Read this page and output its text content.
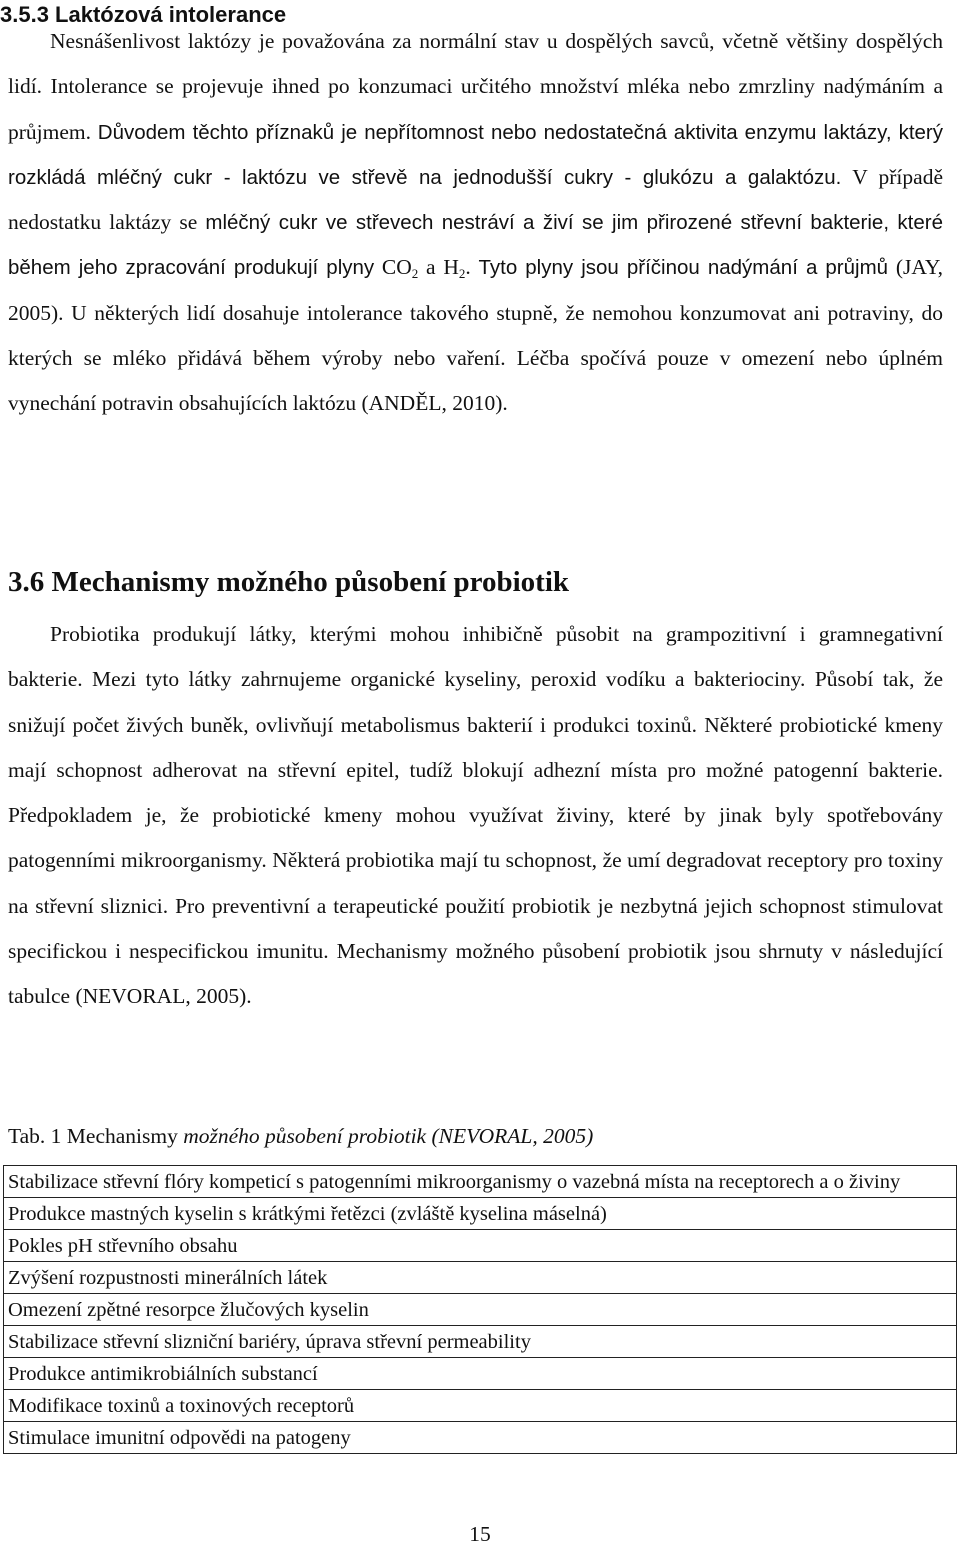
3.5.3 Laktózová intolerance

Nesnášenlivost laktózy je považována za normální stav u dospělých savců, včetně většiny dospělých lidí. Intolerance se projevuje ihned po konzumaci určitého množství mléka nebo zmrzliny nadýmáním a průjmem. Důvodem těchto příznaků je nepřítomnost nebo nedostatečná aktivita enzymu laktázy, který rozkládá mléčný cukr - laktózu ve střevě na jednodušší cukry - glukózu a galaktózu. V případě nedostatku laktázy se mléčný cukr ve střevech nestráví a živí se jim přirozené střevní bakterie, které během jeho zpracování produkují plyny $CO_2$ a $H_2$. Tyto plyny jsou příčinou nadýmání a průjmů (JAY, 2005). U některých lidí dosahuje intolerance takového stupně, že nemohou konzumovat ani potraviny, do kterých se mléko přidává během výroby nebo vaření. Léčba spočívá pouze v omezení nebo úplném vynechání potravin obsahujících laktózu (ANDĚL, 2010).

3.6 Mechanismy možného působení probiotik

Probiotika produkují látky, kterými mohou inhibičně působit na grampozitivní i gramnegativní bakterie. Mezi tyto látky zahrnujeme organické kyseliny, peroxid vodíku a bakteriociny. Působí tak, že snižují počet živých buněk, ovlivňují metabolismus bakterií i produkci toxinů. Některé probiotické kmeny mají schopnost adherovat na střevní epitel, tudíž blokují adhezní místa pro možné patogenní bakterie. Předpokladem je, že probiotické kmeny mohou využívat živiny, které by jinak byly spotřebovány patogenními mikroorganismy. Některá probiotika mají tu schopnost, že umí degradovat receptory pro toxiny na střevní sliznici. Pro preventivní a terapeutické použití probiotik je nezbytná jejich schopnost stimulovat specifickou i nespecifickou imunitu. Mechanismy možného působení probiotik jsou shrnuty v následující tabulce (NEVORAL, 2005).

Tab. 1 Mechanismy možného působení probiotik (NEVORAL, 2005)

Stabilizace střevní flóry kompeticí s patogenními mikroorganismy o vazebná místa na receptorech a o živiny
Produkce mastných kyselin s krátkými řetězci (zvláště kyselina máselná)
Pokles pH střevního obsahu
Zvýšení rozpustnosti minerálních látek
Omezení zpětné resorpce žlučových kyselin
Stabilizace střevní slizniční bariéry, úprava střevní permeability
Produkce antimikrobiálních substancí
Modifikace toxinů a toxinových receptorů
Stimulace imunitní odpovědi na patogeny
15
